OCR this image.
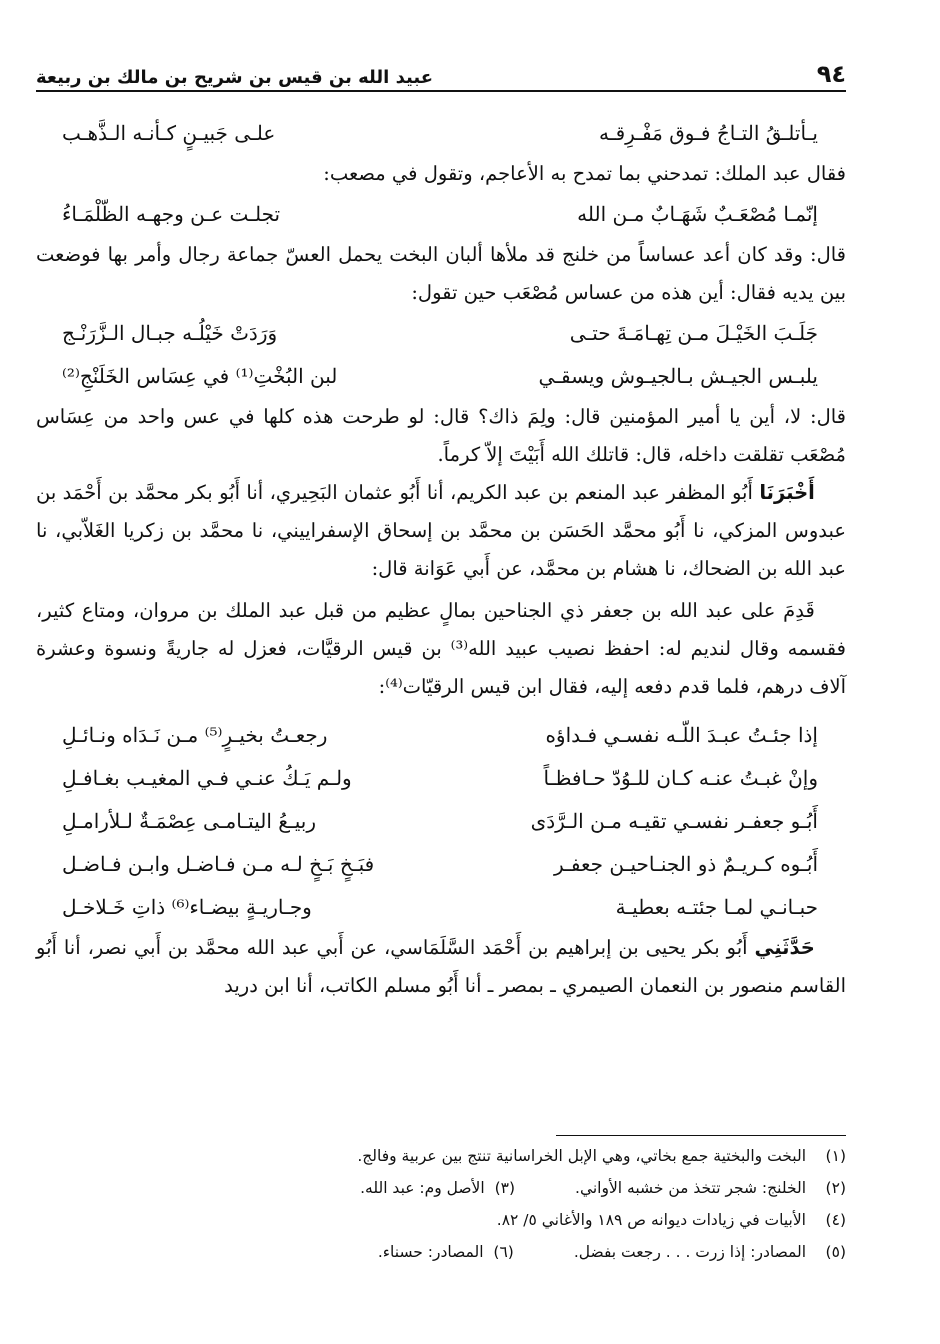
٩٤
عبيد الله بن قيس بن شريح بن مالك بن ربيعة
يـأتلـقُ التـاجُ فـوق مَفْـرِقـه
علـى جَبيـنٍ كـأنـه الـذَّهـب

فقال عبد الملك: تمدحني بما تمدح به الأعاجم، وتقول في مصعب:

إنّمـا مُصْعَـبٌ شَهَـابٌ مـن الله
تجلـت عـن وجهـه الظّلْمَـاءُ

قال: وقد كان أعد عساساً من خلنج قد ملأها ألبان البخت يحمل العسّ جماعة رجال وأمر بها فوضعت بين يديه فقال: أين هذه من عساس مُصْعَب حين تقول:

جَلَـبَ الخَيْـلَ مـن تِهـامَـةَ حتـى
وَرَدَتْ خَيْلُـه جبـال الـزَّرَنْـج
يلبـس الجيـش بـالجيـوش ويسقـي
لبن البُخْتِ⁽¹⁾ في عِسَاس الخَلَنْجِ⁽²⁾

قال: لا، أين يا أمير المؤمنين قال: ولِمَ ذاك؟ قال: لو طرحت هذه كلها في عس واحد من عِسَاس مُصْعَب تقلقت داخله، قال: قاتلك الله أَبَيْتَ إلاّ كرماً.

أَخْبَرَنَا أَبُو المظفر عبد المنعم بن عبد الكريم، أنا أَبُو عثمان البَحِيري، أنا أَبُو بكر محمَّد بن أَحْمَد بن عبدوس المزكي، نا أَبُو محمَّد الحَسَن بن محمَّد بن إسحاق الإسفراييني، نا محمَّد بن زكريا الغَلاّبي، نا عبد الله بن الضحاك، نا هشام بن محمَّد، عن أَبي عَوَانة قال:

قَدِمَ على عبد الله بن جعفر ذي الجناحين بمالٍ عظيم من قبل عبد الملك بن مروان، ومتاع كثير، فقسمه وقال لنديم له: احفظ نصيب عبيد الله⁽³⁾ بن قيس الرقيَّات، فعزل له جاريةً ونسوة وعشرة آلاف درهم، فلما قدم دفعه إليه، فقال ابن قيس الرقيّات⁽⁴⁾:

إذا جئـتُ عبـدَ اللّـه نفسـي فـداؤه
رجعـتُ بخيـرٍ⁽⁵⁾ مـن نَـدَاه ونـائـلِ
وإنْ غبـتُ عنـه كـان للـوُدّ حـافظـاً
ولـم يَـكُ عنـي فـي المغيـب بغـافـلِ
أَبُـو جعفـر نفسـي تقيـه مـن الـرَّدَى
ربيـعُ اليتـامـى عِصْمَـةٌ لـلأرامـلِ
أَبُـوه كـريـمٌ ذو الجنـاحيـن جعفـر
فبَـخٍ بَـخٍ لـه مـن فـاضـل وابـن فـاضـل
حبـانـي لمـا جئتـه بعطيـة
وجـاريـةٍ بيضـاء⁽⁶⁾ ذاتِ خَـلاخـل

حَدَّثَنِي أَبُو بكر يحيى بن إبراهيم بن أَحْمَد السَّلَمَاسي، عن أَبي عبد الله محمَّد بن أَبي نصر، أنا أَبُو القاسم منصور بن النعمان الصيمري ـ بمصر ـ أنا أَبُو مسلم الكاتب، أنا ابن دريد

(١)
البخت والبختية جمع بخاتي، وهي الإبل الخراسانية تنتج بين عربية وفالج.
(٢)
الخلنج: شجر تتخذ من خشبه الأواني.
(٣)

الأصل وم: عبد الله.
(٤)
الأبيات في زيادات ديوانه ص ١٨٩ والأغاني ٥/ ٨٢.
(٥)
المصادر: إذا زرت . . . رجعت بفضل.
(٦)

المصادر: حسناء.
